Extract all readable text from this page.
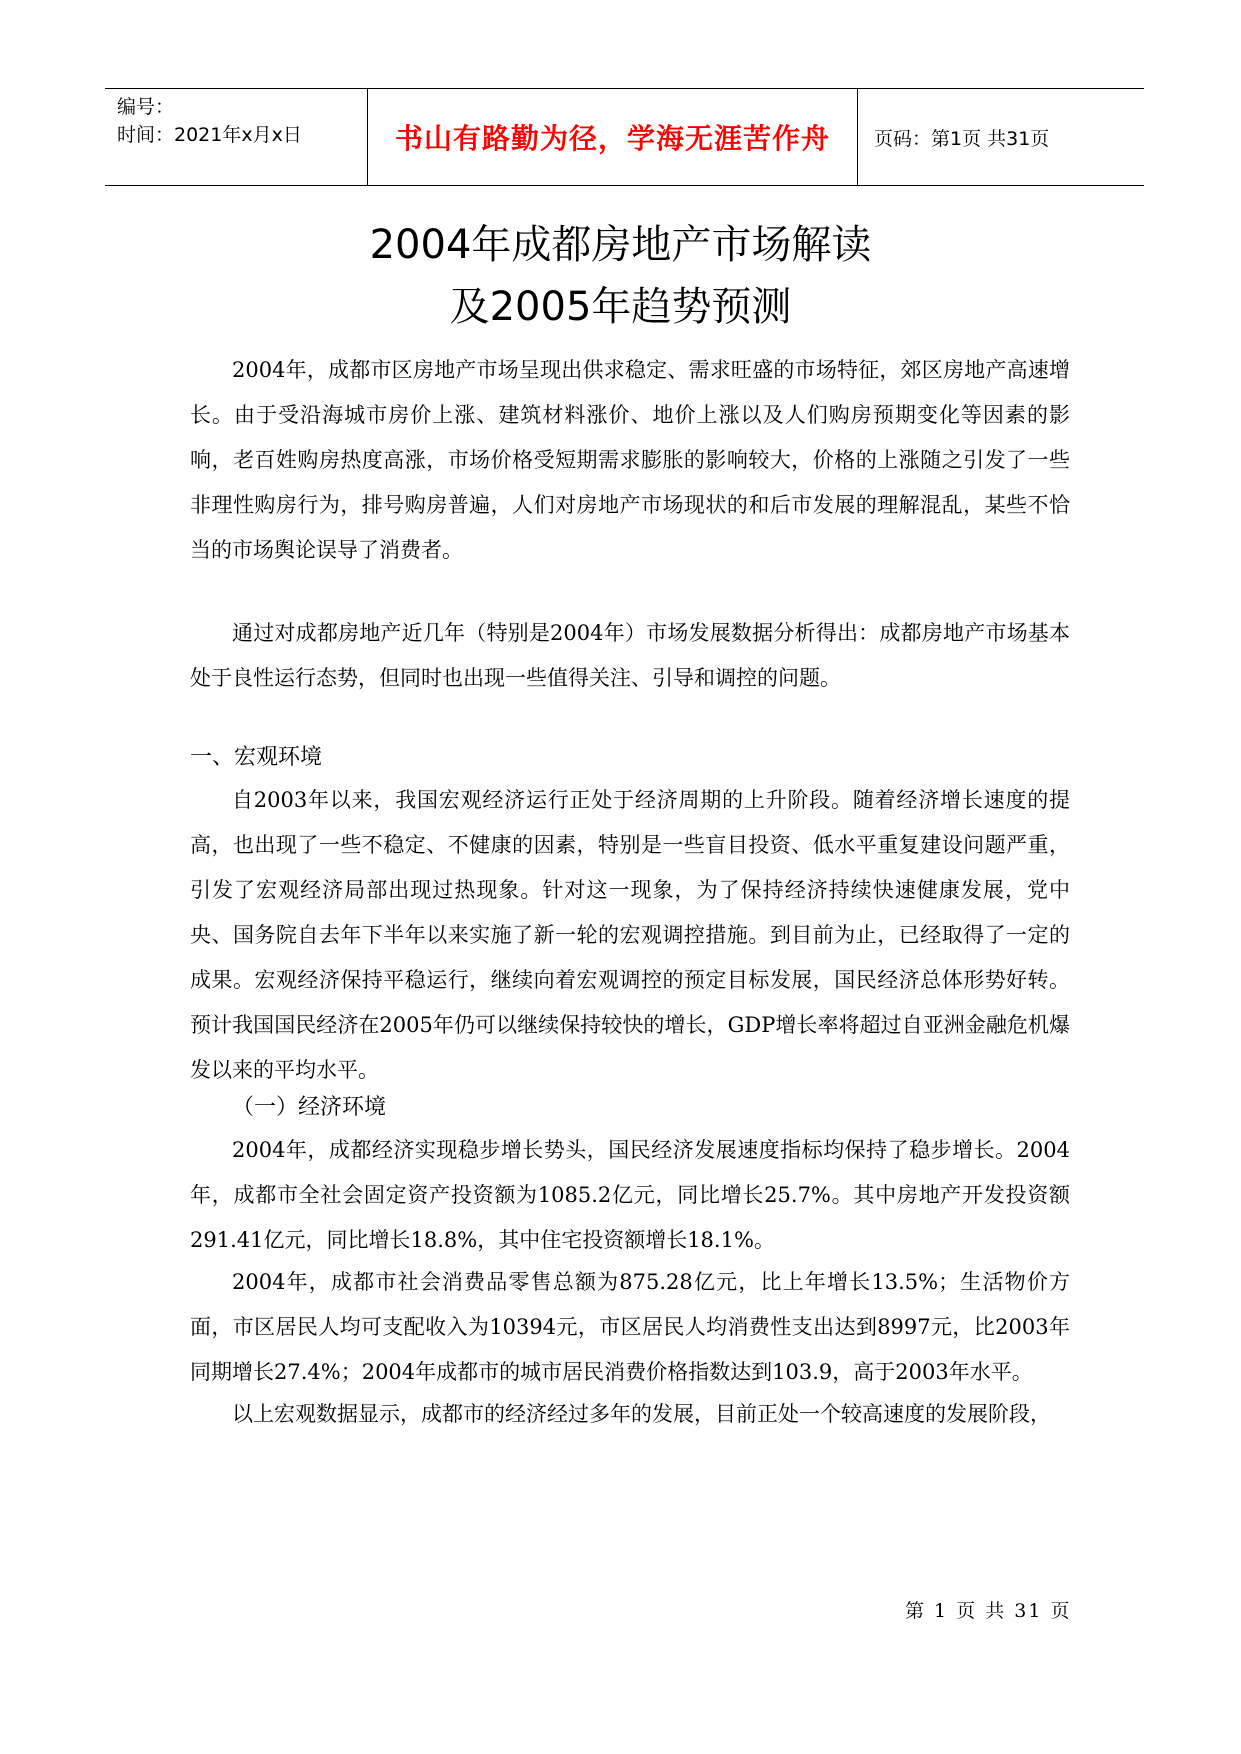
编号：
时间：2021年x月x日	书山有路勤为径，学海无涯苦作舟 页码：第1页 共31页
2004年成都房地产市场解读
及2005年趋势预测

2004年，成都市区房地产市场呈现出供求稳定、需求旺盛的市场特征，郊区房地产高速增长。由于受沿海城市房价上涨、建筑材料涨价、地价上涨以及人们购房预期变化等因素的影响，老百姓购房热度高涨，市场价格受短期需求膨胀的影响较大，价格的上涨随之引发了一些非理性购房行为，排号购房普遍，人们对房地产市场现状的和后市发展的理解混乱，某些不恰当的市场舆论误导了消费者。

通过对成都房地产近几年（特别是2004年）市场发展数据分析得出：成都房地产市场基本处于良性运行态势，但同时也出现一些值得关注、引导和调控的问题。

一、宏观环境

自2003年以来，我国宏观经济运行正处于经济周期的上升阶段。随着经济增长速度的提高，也出现了一些不稳定、不健康的因素，特别是一些盲目投资、低水平重复建设问题严重，引发了宏观经济局部出现过热现象。针对这一现象，为了保持经济持续快速健康发展，党中央、国务院自去年下半年以来实施了新一轮的宏观调控措施。到目前为止，已经取得了一定的成果。宏观经济保持平稳运行，继续向着宏观调控的预定目标发展，国民经济总体形势好转。预计我国国民经济在2005年仍可以继续保持较快的增长，GDP增长率将超过自亚洲金融危机爆发以来的平均水平。

（一）经济环境

2004年，成都经济实现稳步增长势头，国民经济发展速度指标均保持了稳步增长。2004年，成都市全社会固定资产投资额为1085.2亿元，同比增长25.7%。其中房地产开发投资额291.41亿元，同比增长18.8%，其中住宅投资额增长18.1%。

2004年，成都市社会消费品零售总额为875.28亿元，比上年增长13.5%；生活物价方面，市区居民人均可支配收入为10394元，市区居民人均消费性支出达到8997元，比2003年同期增长27.4%；2004年成都市的城市居民消费价格指数达到103.9，高于2003年水平。

以上宏观数据显示，成都市的经济经过多年的发展，目前正处一个较高速度的发展阶段，

第 1 页 共 31 页
